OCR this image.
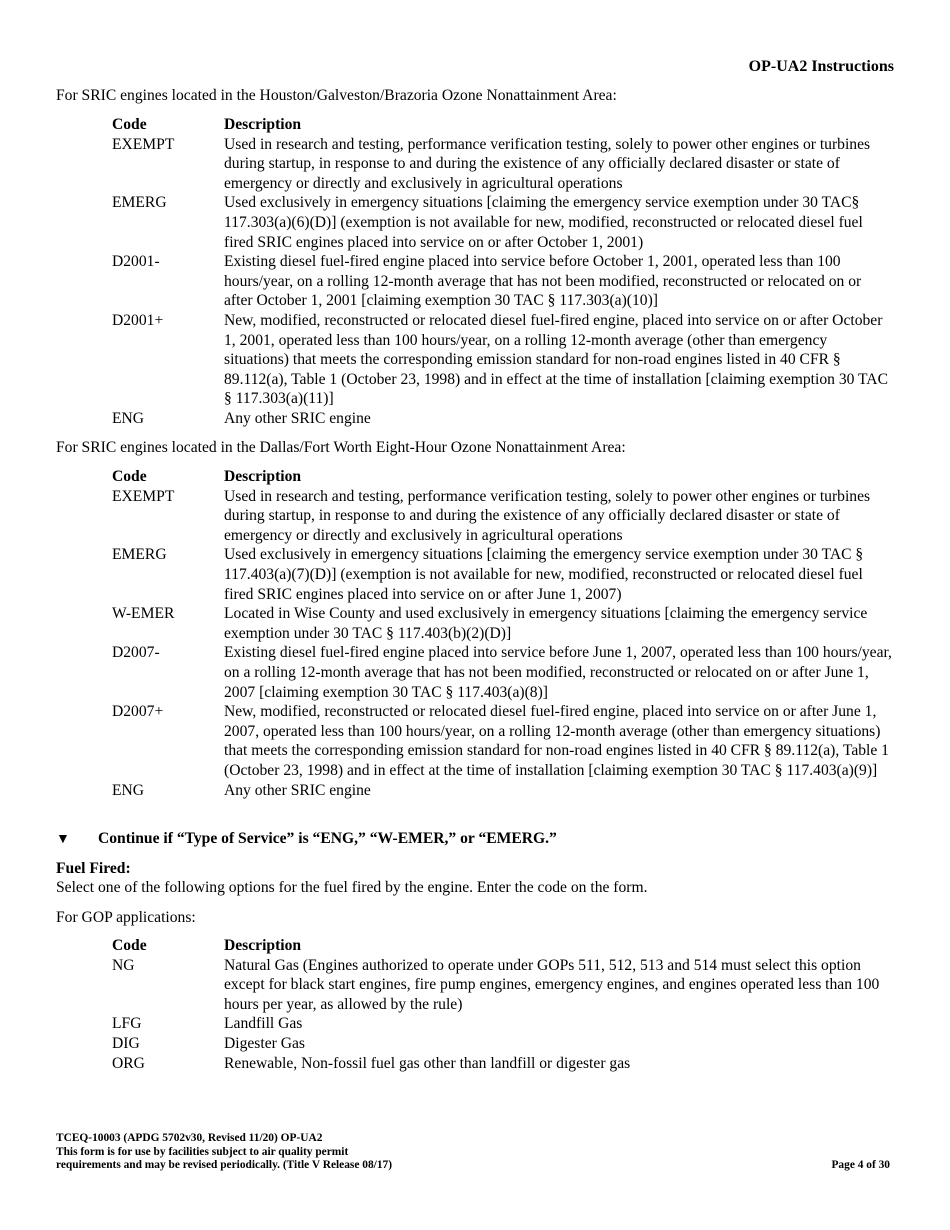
OP-UA2 Instructions

For SRIC engines located in the Houston/Galveston/Brazoria Ozone Nonattainment Area:

Code	Description
EXEMPT	Used in research and testing, performance verification testing, solely to power other engines or turbines during startup, in response to and during the existence of any officially declared disaster or state of emergency or directly and exclusively in agricultural operations
EMERG	Used exclusively in emergency situations [claiming the emergency service exemption under 30 TAC§ 117.303(a)(6)(D)] (exemption is not available for new, modified, reconstructed or relocated diesel fuel fired SRIC engines placed into service on or after October 1, 2001)
D2001-	Existing diesel fuel-fired engine placed into service before October 1, 2001, operated less than 100 hours/year, on a rolling 12-month average that has not been modified, reconstructed or relocated on or after October 1, 2001 [claiming exemption 30 TAC § 117.303(a)(10)]
D2001+	New, modified, reconstructed or relocated diesel fuel-fired engine, placed into service on or after October 1, 2001, operated less than 100 hours/year, on a rolling 12-month average (other than emergency situations) that meets the corresponding emission standard for non-road engines listed in 40 CFR § 89.112(a), Table 1 (October 23, 1998) and in effect at the time of installation [claiming exemption 30 TAC § 117.303(a)(11)]
ENG	Any other SRIC engine

For SRIC engines located in the Dallas/Fort Worth Eight-Hour Ozone Nonattainment Area:

Code	Description
EXEMPT	Used in research and testing, performance verification testing, solely to power other engines or turbines during startup, in response to and during the existence of any officially declared disaster or state of emergency or directly and exclusively in agricultural operations
EMERG	Used exclusively in emergency situations [claiming the emergency service exemption under 30 TAC § 117.403(a)(7)(D)] (exemption is not available for new, modified, reconstructed or relocated diesel fuel fired SRIC engines placed into service on or after June 1, 2007)
W-EMER	Located in Wise County and used exclusively in emergency situations [claiming the emergency service exemption under 30 TAC § 117.403(b)(2)(D)]
D2007-	Existing diesel fuel-fired engine placed into service before June 1, 2007, operated less than 100 hours/year, on a rolling 12-month average that has not been modified, reconstructed or relocated on or after June 1, 2007 [claiming exemption 30 TAC § 117.403(a)(8)]
D2007+	New, modified, reconstructed or relocated diesel fuel-fired engine, placed into service on or after June 1, 2007, operated less than 100 hours/year, on a rolling 12-month average (other than emergency situations) that meets the corresponding emission standard for non-road engines listed in 40 CFR § 89.112(a), Table 1 (October 23, 1998) and in effect at the time of installation [claiming exemption 30 TAC § 117.403(a)(9)]
ENG	Any other SRIC engine
▼	Continue if “Type of Service” is “ENG,” “W-EMER,” or “EMERG.”
Fuel Fired:
Select one of the following options for the fuel fired by the engine. Enter the code on the form.

For GOP applications:

Code	Description
NG	Natural Gas (Engines authorized to operate under GOPs 511, 512, 513 and 514 must select this option except for black start engines, fire pump engines, emergency engines, and engines operated less than 100 hours per year, as allowed by the rule)
LFG	Landfill Gas
DIG	Digester Gas
ORG	Renewable, Non-fossil fuel gas other than landfill or digester gas
TCEQ-10003 (APDG 5702v30, Revised 11/20) OP-UA2
This form is for use by facilities subject to air quality permit
requirements and may be revised periodically. (Title V Release 08/17)	Page 4 of 30
